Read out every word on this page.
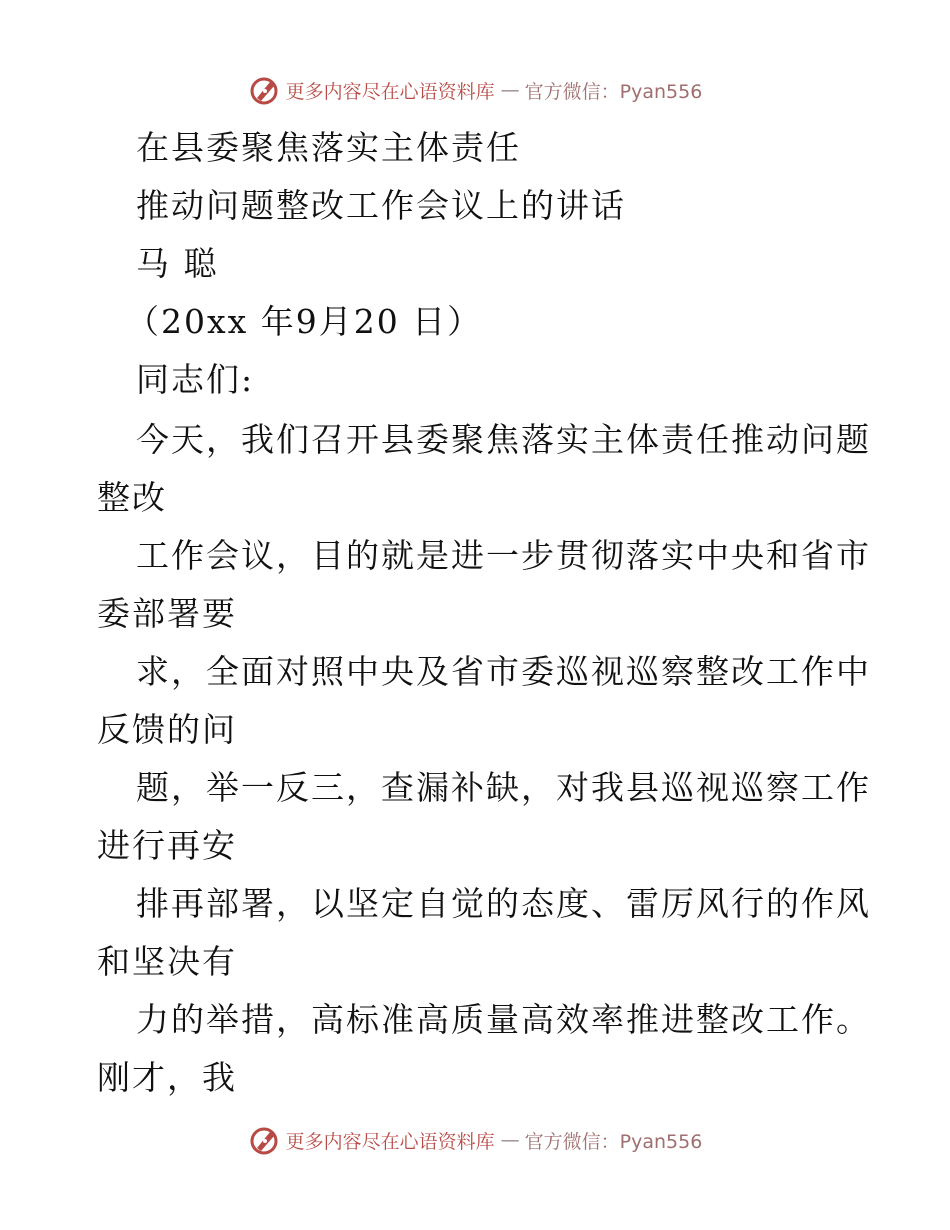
更多内容尽在心语资料库 — 官方微信：Pyan556
在县委聚焦落实主体责任
推动问题整改工作会议上的讲话
马 聪
（20xx 年9月20 日）
同志们:
今天，我们召开县委聚焦落实主体责任推动问题
整改
工作会议，目的就是进一步贯彻落实中央和省市
委部署要
求，全面对照中央及省市委巡视巡察整改工作中
反馈的问
题，举一反三，查漏补缺，对我县巡视巡察工作
进行再安
排再部署，以坚定自觉的态度、雷厉风行的作风
和坚决有
力的举措，高标准高质量高效率推进整改工作。
刚才，我
更多内容尽在心语资料库 — 官方微信：Pyan556
